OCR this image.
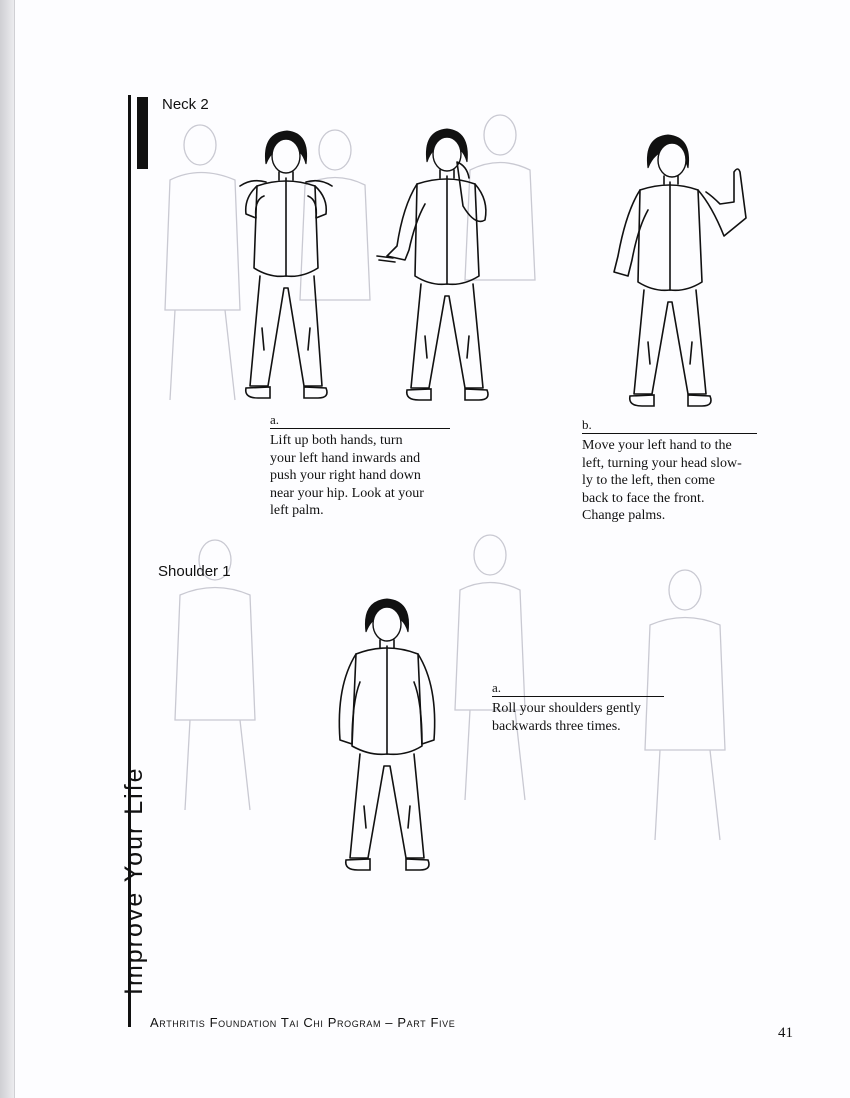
Neck 2
Shoulder 1
Improve Your Life
a.
Lift up both hands, turn
your left hand inwards and
push your right hand down
near your hip. Look at your
left palm.
b.
Move your left hand to the
left, turning your head slow-
ly to the left, then come
back to face the front.
Change palms.
a.
Roll your shoulders gently
backwards three times.
Arthritis Foundation Tai Chi Program – Part Five
41
